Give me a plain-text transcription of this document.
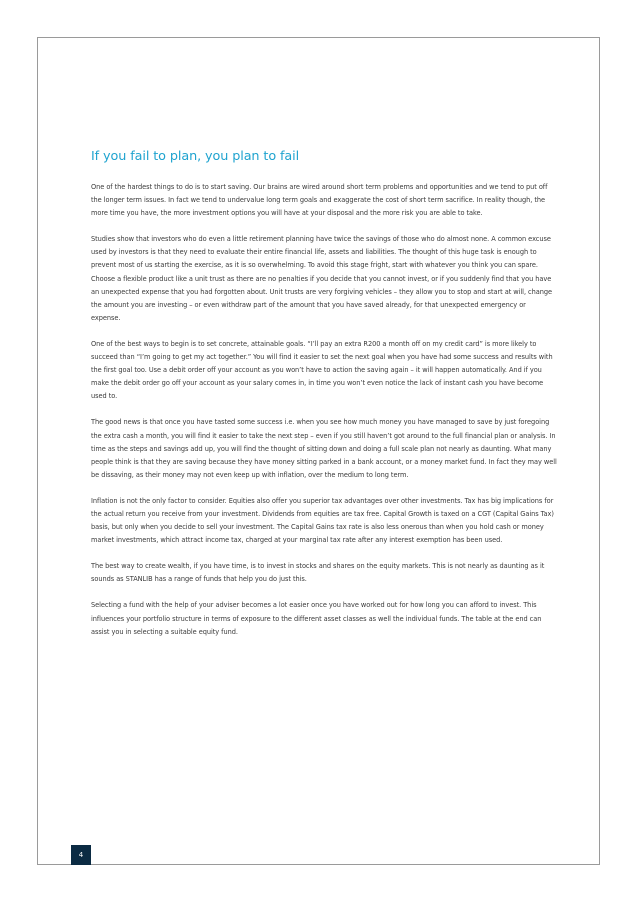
If you fail to plan, you plan to fail

One of the hardest things to do is to start saving. Our brains are wired around short term problems and opportunities and we tend to put off the longer term issues. In fact we tend to undervalue long term goals and exaggerate the cost of short term sacrifice. In reality though, the more time you have, the more investment options you will have at your disposal and the more risk you are able to take.

Studies show that investors who do even a little retirement planning have twice the savings of those who do almost none. A common excuse used by investors is that they need to evaluate their entire financial life, assets and liabilities. The thought of this huge task is enough to prevent most of us starting the exercise, as it is so overwhelming. To avoid this stage fright, start with whatever you think you can spare. Choose a flexible product like a unit trust as there are no penalties if you decide that you cannot invest, or if you suddenly find that you have an unexpected expense that you had forgotten about. Unit trusts are very forgiving vehicles – they allow you to stop and start at will, change the amount you are investing – or even withdraw part of the amount that you have saved already, for that unexpected emergency or expense.

One of the best ways to begin is to set concrete, attainable goals. “I’ll pay an extra R200 a month off on my credit card” is more likely to succeed than “I’m going to get my act together.” You will find it easier to set the next goal when you have had some success and results with the first goal too. Use a debit order off your account as you won’t have to action the saving again – it will happen automatically. And if you make the debit order go off your account as your salary comes in, in time you won’t even notice the lack of instant cash you have become used to.

The good news is that once you have tasted some success i.e. when you see how much money you have managed to save by just foregoing the extra cash a month, you will find it easier to take the next step – even if you still haven’t got around to the full financial plan or analysis. In time as the steps and savings add up, you will find the thought of sitting down and doing a full scale plan not nearly as daunting. What many people think is that they are saving because they have money sitting parked in a bank account, or a money market fund. In fact they may well be dissaving, as their money may not even keep up with inflation, over the medium to long term.

Inflation is not the only factor to consider. Equities also offer you superior tax advantages over other investments. Tax has big implications for the actual return you receive from your investment. Dividends from equities are tax free. Capital Growth is taxed on a CGT (Capital Gains Tax) basis, but only when you decide to sell your investment. The Capital Gains tax rate is also less onerous than when you hold cash or money market investments, which attract income tax, charged at your marginal tax rate after any interest exemption has been used.

The best way to create wealth, if you have time, is to invest in stocks and shares on the equity markets. This is not nearly as daunting as it sounds as STANLIB has a range of funds that help you do just this.

Selecting a fund with the help of your adviser becomes a lot easier once you have worked out for how long you can afford to invest. This influences your portfolio structure in terms of exposure to the different asset classes as well the individual funds. The table at the end can assist you in selecting a suitable equity fund.

4
